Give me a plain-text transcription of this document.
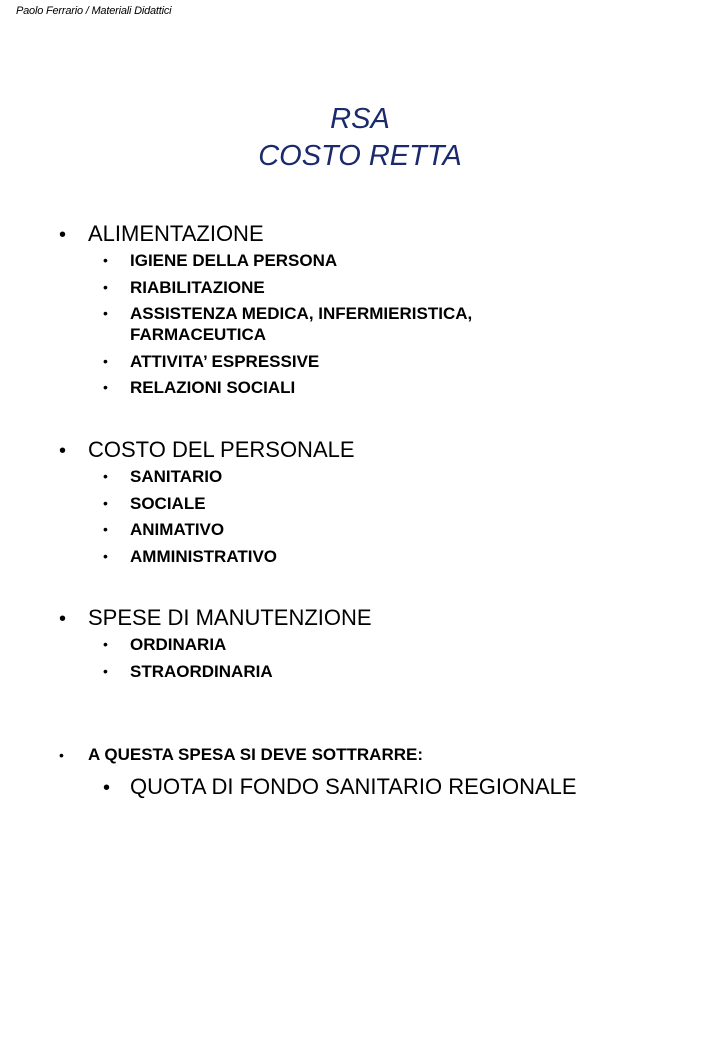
Paolo Ferrario / Materiali Didattici
RSA
COSTO RETTA
• ALIMENTAZIONE
•	IGIENE DELLA PERSONA
•	RIABILITAZIONE
•	ASSISTENZA MEDICA, INFERMIERISTICA, FARMACEUTICA
•	ATTIVITA’ ESPRESSIVE
•	RELAZIONI SOCIALI
• COSTO DEL PERSONALE
•	SANITARIO
•	SOCIALE
•	ANIMATIVO
•	AMMINISTRATIVO
• SPESE DI MANUTENZIONE
•	ORDINARIA
•	STRAORDINARIA
•	A QUESTA SPESA SI DEVE SOTTRARRE:
• QUOTA DI FONDO SANITARIO REGIONALE
